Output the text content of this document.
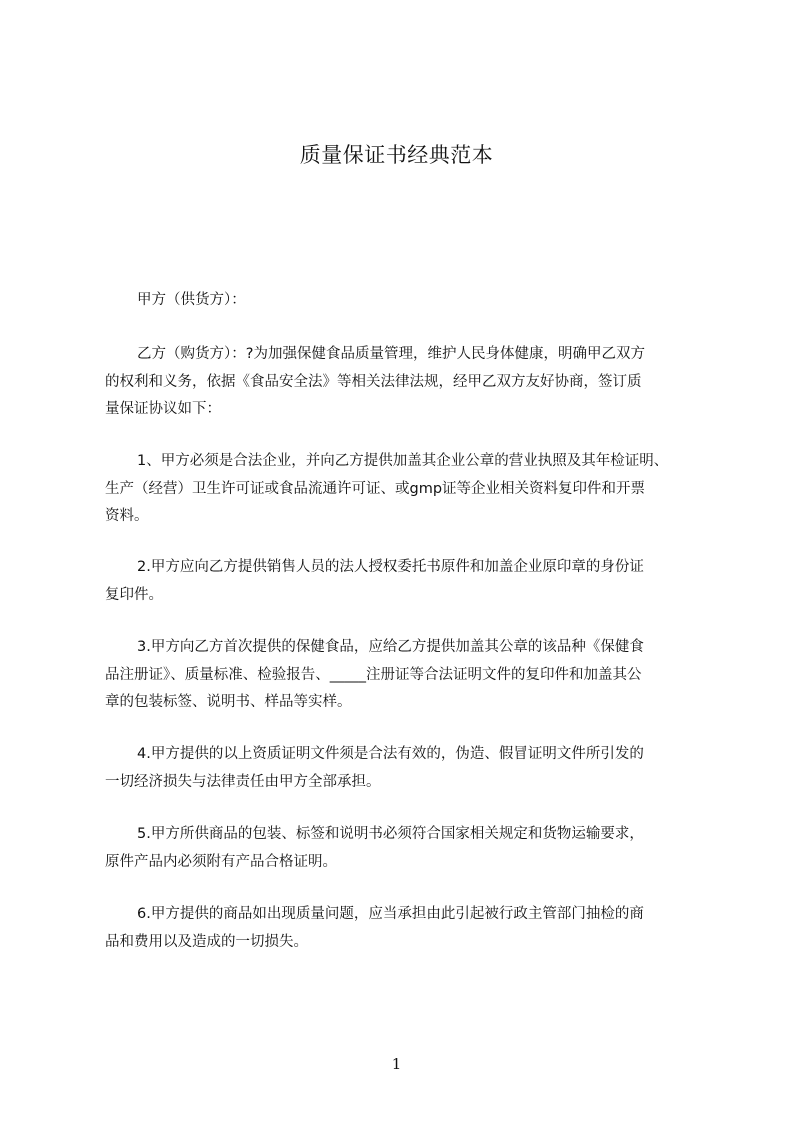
质量保证书经典范本

甲方（供货方）：

乙方（购货方）：?为加强保健食品质量管理，维护人民身体健康，明确甲乙双方
的权利和义务，依据《食品安全法》等相关法律法规，经甲乙双方友好协商，签订质
量保证协议如下：

1、甲方必须是合法企业，并向乙方提供加盖其企业公章的营业执照及其年检证明、
生产（经营）卫生许可证或食品流通许可证、或gmp证等企业相关资料复印件和开票
资料。

2.甲方应向乙方提供销售人员的法人授权委托书原件和加盖企业原印章的身份证
复印件。

3.甲方向乙方首次提供的保健食品，应给乙方提供加盖其公章的该品种《保健食
品注册证》、质量标准、检验报告、_____注册证等合法证明文件的复印件和加盖其公
章的包装标签、说明书、样品等实样。

4.甲方提供的以上资质证明文件须是合法有效的，伪造、假冒证明文件所引发的
一切经济损失与法律责任由甲方全部承担。

5.甲方所供商品的包装、标签和说明书必须符合国家相关规定和货物运输要求，
原件产品内必须附有产品合格证明。

6.甲方提供的商品如出现质量问题，应当承担由此引起被行政主管部门抽检的商
品和费用以及造成的一切损失。

1
